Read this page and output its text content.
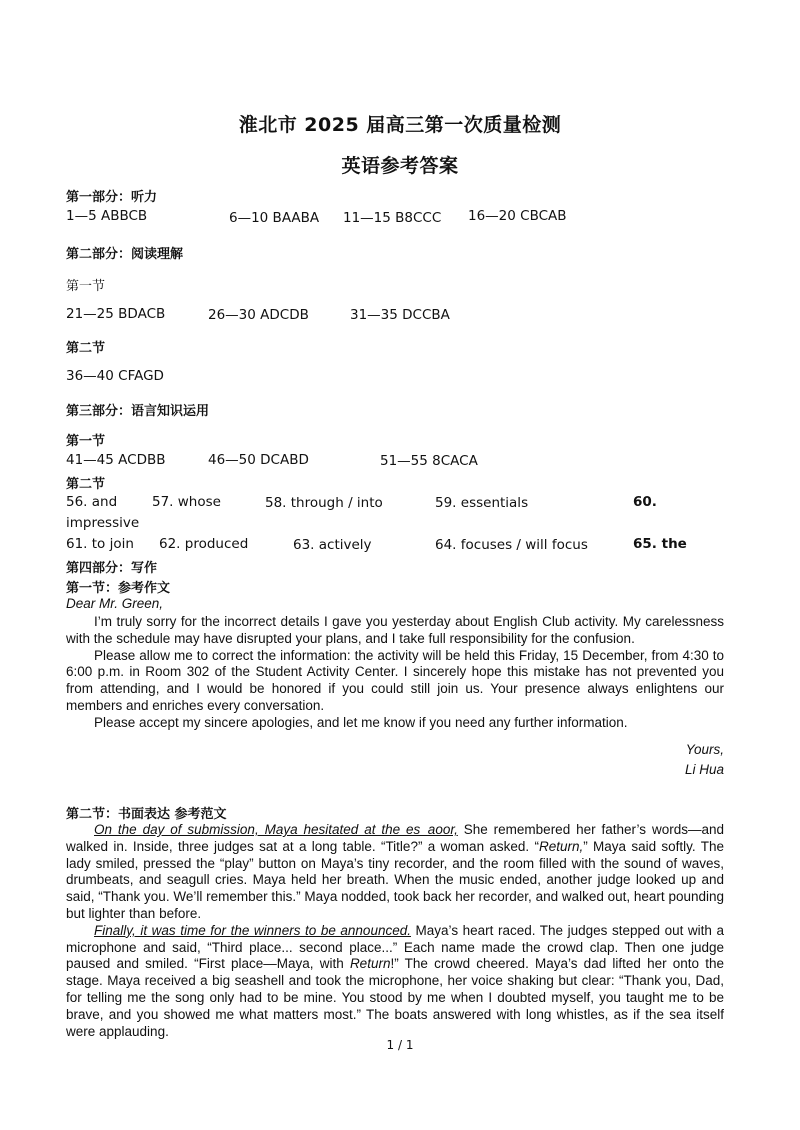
淮北市 2025 届高三第一次质量检测
英语参考答案
第一部分：听力
1—5 ABBCB	6—10 BAABA 11—15 B8CCC 16—20 CBCAB
第二部分：阅读理解
第一节
21—25 BDACB	26—30 ADCDB	31—35 DCCBA
第二节
36—40 CFAGD
第三部分：语言知识运用
第一节
41—45 ACDBB	46—50 DCABD	51—55 8CACA
第二节
56. and	57. whose	58. through / into	59. essentials	60.
impressive
61. to join 62. produced	63. actively	64. focuses / will focus	65. the
第四部分：写作
第一节：参考作文
Dear Mr. Green,

I’m truly sorry for the incorrect details I gave you yesterday about English Club activity. My carelessness with the schedule may have disrupted your plans, and I take full responsibility for the confusion.

Please allow me to correct the information: the activity will be held this Friday, 15 December, from 4:30 to 6:00 p.m. in Room 302 of the Student Activity Center. I sincerely hope this mistake has not prevented you from attending, and I would be honored if you could still join us. Your presence always enlightens our members and enriches every conversation.

Please accept my sincere apologies, and let me know if you need any further information.

Yours,
Li Hua
第二节：书面表达 参考范文

On the day of submission, Maya hesitated at the es_aoor, She remembered her father’s words—and walked in. Inside, three judges sat at a long table. “Title?” a woman asked. “Return,” Maya said softly. The lady smiled, pressed the “play” button on Maya’s tiny recorder, and the room filled with the sound of waves, drumbeats, and seagull cries. Maya held her breath. When the music ended, another judge looked up and said, “Thank you. We’ll remember this.” Maya nodded, took back her recorder, and walked out, heart pounding but lighter than before.

Finally, it was time for the winners to be announced. Maya’s heart raced. The judges stepped out with a microphone and said, “Third place... second place...” Each name made the crowd clap. Then one judge paused and smiled. “First place—Maya, with Return!” The crowd cheered. Maya’s dad lifted her onto the stage. Maya received a big seashell and took the microphone, her voice shaking but clear: “Thank you, Dad, for telling me the song only had to be mine. You stood by me when I doubted myself, you taught me to be brave, and you showed me what matters most.” The boats answered with long whistles, as if the sea itself were applauding.

1 / 1
